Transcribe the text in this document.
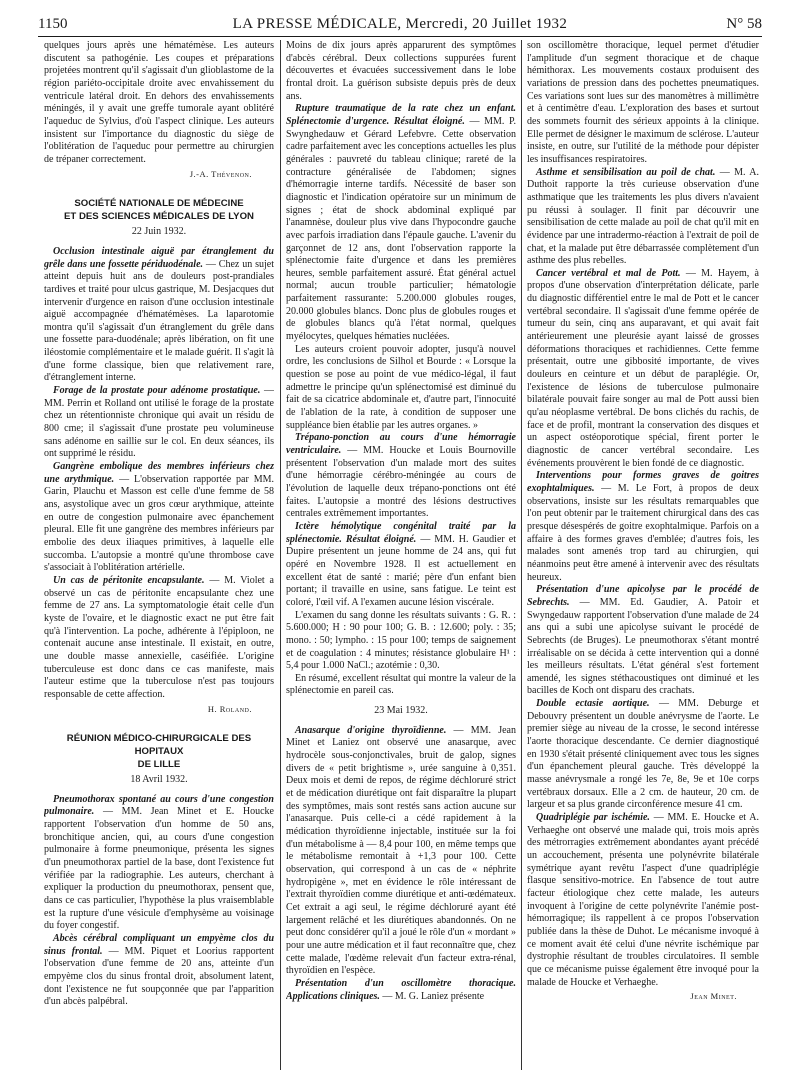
1150	LA PRESSE MÉDICALE, Mercredi, 20 Juillet 1932	N° 58

quelques jours après une hématémèse. Les auteurs discutent sa pathogénie. Les coupes et préparations projetées montrent qu'il s'agissait d'un glioblastome de la région pariéto-occipitale droite avec envahissement du ventricule latéral droit. En dehors des envahissements méningés, il y avait une greffe tumorale ayant oblitéré l'aqueduc de Sylvius, d'où l'aspect clinique. Les auteurs insistent sur l'importance du diagnostic du siège de l'oblitération de l'aqueduc pour permettre au chirurgien de trépaner correctement.

J.-A. Thévenon.

SOCIÉTÉ NATIONALE DE MÉDECINE
ET DES SCIENCES MÉDICALES DE LYON

22 Juin 1932.

Occlusion intestinale aiguë par étranglement du grêle dans une fossette périduodénale. — Chez un sujet atteint depuis huit ans de douleurs post-prandiales tardives et traité pour ulcus gastrique, M. Desjacques dut intervenir d'urgence en raison d'une occlusion intestinale aiguë accompagnée d'hématémèses. La laparotomie montra qu'il s'agissait d'un étranglement du grêle dans une fossette para-duodénale; après libération, on fit une iléostomie complémentaire et le malade guérit. Il s'agit là d'une forme classique, bien que relativement rare, d'étranglement interne.

Forage de la prostate pour adénome prostatique. — MM. Perrin et Rolland ont utilisé le forage de la prostate chez un rétentionniste chronique qui avait un résidu de 800 cme; il s'agissait d'une prostate peu volumineuse sans adénome en saillie sur le col. En deux séances, ils ont supprimé le résidu.

Gangrène embolique des membres inférieurs chez une arythmique. — L'observation rapportée par MM. Garin, Plauchu et Masson est celle d'une femme de 58 ans, asystolique avec un gros cœur arythmique, atteinte en outre de congestion pulmonaire avec épanchement pleural. Elle fit une gangrène des membres inférieurs par embolie des deux iliaques primitives, à laquelle elle succomba. L'autopsie a montré qu'une thrombose cave s'associait à l'oblitération artérielle.

Un cas de péritonite encapsulante. — M. Violet a observé un cas de péritonite encapsulante chez une femme de 27 ans. La symptomatologie était celle d'un kyste de l'ovaire, et le diagnostic exact ne put être fait qu'à l'intervention. La poche, adhérente à l'épiploon, ne contenait aucune anse intestinale. Il existait, en outre, une double masse annexielle, caséifiée. L'origine tuberculeuse est donc dans ce cas manifeste, mais l'auteur estime que la tuberculose n'est pas toujours responsable de cette affection.

H. Roland.

RÉUNION MÉDICO-CHIRURGICALE DES HOPITAUX
DE LILLE

18 Avril 1932.

Pneumothorax spontané au cours d'une congestion pulmonaire. — MM. Jean Minet et E. Houcke rapportent l'observation d'un homme de 50 ans, bronchitique ancien, qui, au cours d'une congestion pulmonaire à forme pneumonique, présenta les signes d'un pneumothorax partiel de la base, dont l'existence fut vérifiée par la radiographie. Les auteurs, cherchant à expliquer la production du pneumothorax, pensent que, dans ce cas particulier, l'hypothèse la plus vraisemblable est la rupture d'une vésicule d'emphysème au voisinage du foyer congestif.

Abcès cérébral compliquant un empyème clos du sinus frontal. — MM. Piquet et Loorius rapportent l'observation d'une femme de 20 ans, atteinte d'un empyème clos du sinus frontal droit, absolument latent, dont l'existence ne fut soupçonnée que par l'apparition d'un abcès palpébral.

Moins de dix jours après apparurent des symptômes d'abcès cérébral. Deux collections suppurées furent découvertes et évacuées successivement dans le lobe frontal droit. La guérison subsiste depuis près de deux ans.

Rupture traumatique de la rate chez un enfant. Splénectomie d'urgence. Résultat éloigné. — MM. P. Swynghedauw et Gérard Lefebvre. Cette observation cadre parfaitement avec les conceptions actuelles les plus générales : pauvreté du tableau clinique; rareté de la contracture généralisée de l'abdomen; signes d'hémorragie interne tardifs. Nécessité de baser son diagnostic et l'indication opératoire sur un minimum de signes ; état de shock abdominal expliqué par l'anamnèse, douleur plus vive dans l'hypocondre gauche avec parfois irradiation dans l'épaule gauche. L'avenir du garçonnet de 12 ans, dont l'observation rapporte la splénectomie faite d'urgence et dans les premières heures, semble parfaitement assuré. État général actuel normal; aucun trouble particulier; hématologie parfaitement rassurante: 5.200.000 globules rouges, 20.000 globules blancs. Donc plus de globules rouges et de globules blancs qu'à l'état normal, quelques myélocytes, quelques hématies nucléées.

Les auteurs croient pouvoir adopter, jusqu'à nouvel ordre, les conclusions de Silhol et Bourde : « Lorsque la question se pose au point de vue médico-légal, il faut admettre le principe qu'un splénectomisé est diminué du fait de sa cicatrice abdominale et, d'autre part, l'innocuité de l'ablation de la rate, à condition de supposer une suppléance bien établie par les autres organes. »

Trépano-ponction au cours d'une hémorragie ventriculaire. — MM. Houcke et Louis Bournoville présentent l'observation d'un malade mort des suites d'une hémorragie cérébro-méningée au cours de l'évolution de laquelle deux trépano-ponctions ont été faites. L'autopsie a montré des lésions destructives centrales extrêmement importantes.

Ictère hémolytique congénital traité par la splénectomie. Résultat éloigné. — MM. H. Gaudier et Dupire présentent un jeune homme de 24 ans, qui fut opéré en Novembre 1928. Il est actuellement en excellent état de santé : marié; père d'un enfant bien portant; il travaille en usine, sans fatigue. Le teint est coloré, l'œil vif. A l'examen aucune lésion viscérale.

L'examen du sang donne les résultats suivants : G. R. : 5.600.000; H : 90 pour 100; G. B. : 12.600; poly. : 35; mono. : 50; lympho. : 15 pour 100; temps de saignement et de coagulation : 4 minutes; résistance globulaire H¹ : 5,4 pour 1.000 NaCl.; azotémie : 0,30.

En résumé, excellent résultat qui montre la valeur de la splénectomie en pareil cas.

23 Mai 1932.

Anasarque d'origine thyroïdienne. — MM. Jean Minet et Laniez ont observé une anasarque, avec hydrocèle sous-conjonctivales, bruit de galop, signes divers de « petit brightisme », urée sanguine à 0,351. Deux mois et demi de repos, de régime déchloruré strict et de médication diurétique ont fait disparaître la plupart des symptômes, mais sont restés sans action aucune sur l'anasarque. Puis celle-ci a cédé rapidement à la médication thyroïdienne injectable, instituée sur la foi d'un métabolisme à — 8,4 pour 100, en même temps que le métabolisme remontait à +1,3 pour 100. Cette observation, qui correspond à un cas de « néphrite hydropigène », met en évidence le rôle intéressant de l'extrait thyroïdien comme diurétique et anti-œdémateux. Cet extrait a agi seul, le régime déchloruré ayant été largement relâché et les diurétiques abandonnés. On ne peut donc considérer qu'il a joué le rôle d'un « mordant » pour une autre médication et il faut reconnaître que, chez cette malade, l'œdème relevait d'un facteur extra-rénal, thyroïdien en l'espèce.

Présentation d'un oscillomètre thoracique. Applications cliniques. — M. G. Laniez présente

son oscillomètre thoracique, lequel permet d'étudier l'amplitude d'un segment thoracique et de chaque hémithorax. Les mouvements costaux produisent des variations de pression dans des pochettes pneumatiques. Ces variations sont lues sur des manomètres à millimètre et à centimètre d'eau. L'exploration des bases et surtout des sommets fournit des sérieux appoints à la clinique. Elle permet de désigner le maximum de sclérose. L'auteur insiste, en outre, sur l'utilité de la méthode pour dépister les insuffisances respiratoires.

Asthme et sensibilisation au poil de chat. — M. A. Duthoit rapporte la très curieuse observation d'une asthmatique que les traitements les plus divers n'avaient pu réussi à soulager. Il finit par découvrir une sensibilisation de cette malade au poil de chat qu'il mit en évidence par une intradermo-réaction à l'extrait de poil de chat, et la malade put être débarrassée complètement d'un asthme des plus rebelles.

Cancer vertébral et mal de Pott. — M. Hayem, à propos d'une observation d'interprétation délicate, parle du diagnostic différentiel entre le mal de Pott et le cancer vertébral secondaire. Il s'agissait d'une femme opérée de tumeur du sein, cinq ans auparavant, et qui avait fait antérieurement une pleurésie ayant laissé de grosses déformations thoraciques et rachidiennes. Cette femme présentait, outre une gibbosité importante, de vives douleurs en ceinture et un début de paraplégie. Or, l'existence de lésions de tuberculose pulmonaire bilatérale pouvait faire songer au mal de Pott aussi bien qu'au néoplasme vertébral. De bons clichés du rachis, de face et de profil, montrant la conservation des disques et un aspect ostéoporotique spécial, firent porter le diagnostic de cancer vertébral secondaire. Les événements prouvèrent le bien fondé de ce diagnostic.

Interventions pour formes graves de goitres exophtalmiques. — M. Le Fort, à propos de deux observations, insiste sur les résultats remarquables que l'on peut obtenir par le traitement chirurgical dans des cas presque désespérés de goitre exophtalmique. Parfois on a affaire à des formes graves d'emblée; d'autres fois, les malades sont amenés trop tard au chirurgien, qui néanmoins peut être amené à intervenir avec des résultats heureux.

Présentation d'une apicolyse par le procédé de Sebrechts. — MM. Ed. Gaudier, A. Patoir et Swyngedauw rapportent l'observation d'une malade de 24 ans qui a subi une apicolyse suivant le procédé de Sebrechts (de Bruges). Le pneumothorax s'étant montré irréalisable on se décida à cette intervention qui a donné les meilleurs résultats. L'état général s'est fortement amendé, les signes stéthacoustiques ont diminué et les bacilles de Koch ont disparu des crachats.

Double ectasie aortique. — MM. Deburge et Debouvry présentent un double anévrysme de l'aorte. Le premier siège au niveau de la crosse, le second intéresse l'aorte thoracique descendante. Ce dernier diagnostiqué en 1930 s'était présenté cliniquement avec tous les signes d'un épanchement pleural gauche. Très développé la masse anévrysmale a rongé les 7e, 8e, 9e et 10e corps vertébraux dorsaux. Elle a 2 cm. de hauteur, 20 cm. de largeur et sa plus grande circonférence mesure 41 cm.

Quadriplégie par ischémie. — MM. E. Houcke et A. Verhaeghe ont observé une malade qui, trois mois après des métrorragies extrêmement abondantes ayant précédé un accouchement, présenta une polynévrite bilatérale symétrique ayant revêtu l'aspect d'une quadriplégie flasque sensitivo-motrice. En l'absence de tout autre facteur étiologique chez cette malade, les auteurs invoquent à l'origine de cette polynévrite l'anémie post-hémorragique; ils rappellent à ce propos l'observation publiée dans la thèse de Duhot. Le mécanisme invoqué à ce moment avait été celui d'une névrite ischémique par dystrophie résultant de troubles circulatoires. Il semble que ce mécanisme puisse également être invoqué pour la malade de Houcke et Verhaeghe.

Jean Minet.
